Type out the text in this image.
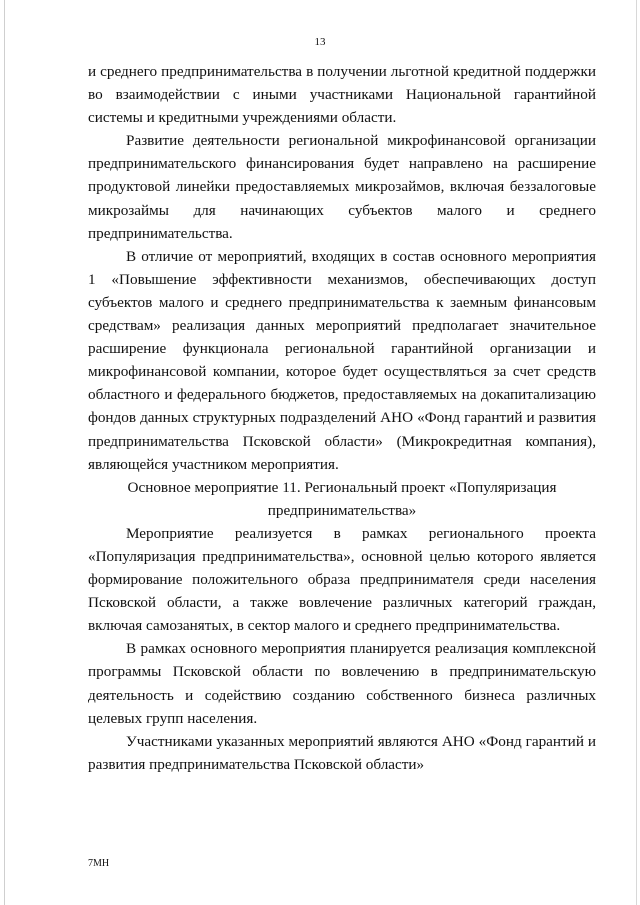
13

и среднего предпринимательства в получении льготной кредитной поддержки во взаимодействии с иными участниками Национальной гарантийной системы и кредитными учреждениями области.

Развитие деятельности региональной микрофинансовой организации предпринимательского финансирования будет направлено на расширение продуктовой линейки предоставляемых микрозаймов, включая беззалоговые микрозаймы для начинающих субъектов малого и среднего предпринимательства.

В отличие от мероприятий, входящих в состав основного мероприятия 1 «Повышение эффективности механизмов, обеспечивающих доступ субъектов малого и среднего предпринимательства к заемным финансовым средствам» реализация данных мероприятий предполагает значительное расширение функционала региональной гарантийной организации и микрофинансовой компании, которое будет осуществляться за счет средств областного и федерального бюджетов, предоставляемых на докапитализацию фондов данных структурных подразделений АНО «Фонд гарантий и развития предпринимательства Псковской области» (Микрокредитная компания), являющейся участником мероприятия.

Основное мероприятие 11. Региональный проект «Популяризация предпринимательства»

Мероприятие реализуется в рамках регионального проекта «Популяризация предпринимательства», основной целью которого является формирование положительного образа предпринимателя среди населения Псковской области, а также вовлечение различных категорий граждан, включая самозанятых, в сектор малого и среднего предпринимательства.

В рамках основного мероприятия планируется реализация комплексной программы Псковской области по вовлечению в предпринимательскую деятельность и содействию созданию собственного бизнеса различных целевых групп населения.

Участниками указанных мероприятий являются АНО «Фонд гарантий и развития предпринимательства Псковской области»

7МН
